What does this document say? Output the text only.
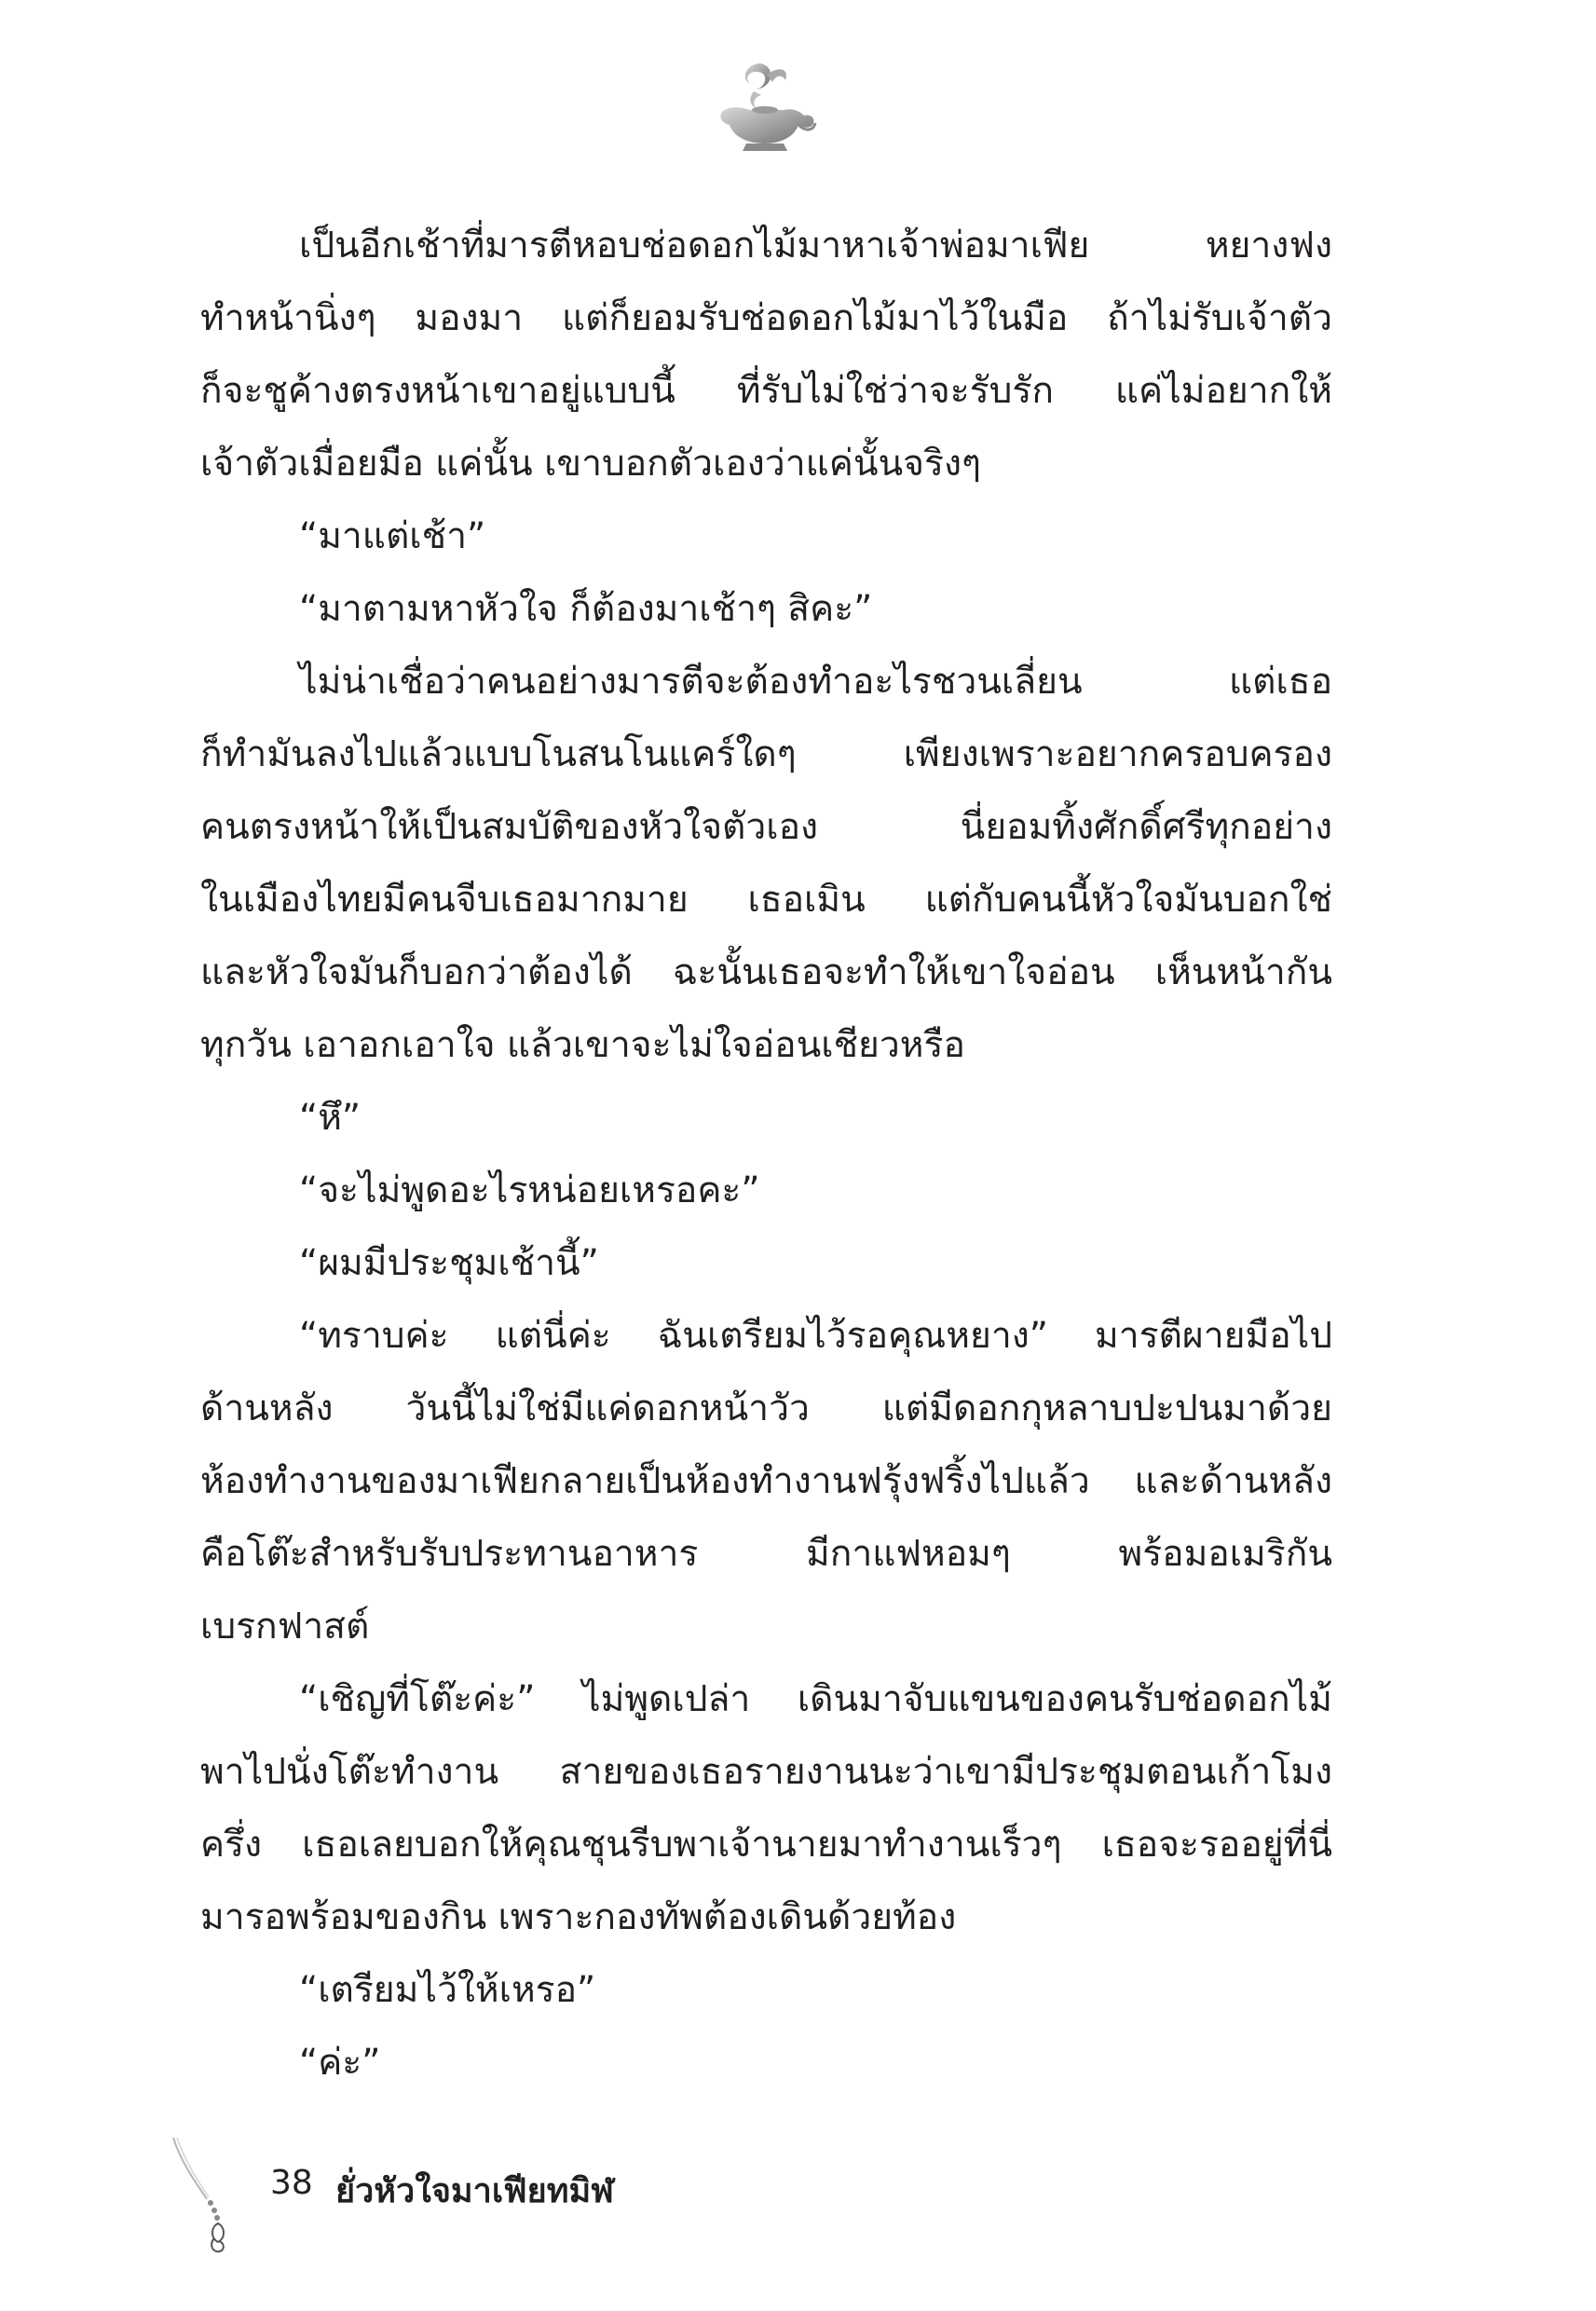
เป็นอีกเช้าที่มารตีหอบช่อดอกไม้มาหาเจ้าพ่อมาเฟีย หยางฟง

ทำหน้านิ่งๆ มองมา แต่ก็ยอมรับช่อดอกไม้มาไว้ในมือ ถ้าไม่รับเจ้าตัว

ก็จะชูค้างตรงหน้าเขาอยู่แบบนี้ ที่รับไม่ใช่ว่าจะรับรัก แค่ไม่อยากให้

เจ้าตัวเมื่อยมือ แค่นั้น เขาบอกตัวเองว่าแค่นั้นจริงๆ

“มาแต่เช้า”

“มาตามหาหัวใจ ก็ต้องมาเช้าๆ สิคะ”

ไม่น่าเชื่อว่าคนอย่างมารตีจะต้องทำอะไรชวนเลี่ยน แต่เธอ

ก็ทำมันลงไปแล้วแบบโนสนโนแคร์ใดๆ เพียงเพราะอยากครอบครอง

คนตรงหน้าให้เป็นสมบัติของหัวใจตัวเอง นี่ยอมทิ้งศักดิ์ศรีทุกอย่าง

ในเมืองไทยมีคนจีบเธอมากมาย เธอเมิน แต่กับคนนี้หัวใจมันบอกใช่

และหัวใจมันก็บอกว่าต้องได้ ฉะนั้นเธอจะทำให้เขาใจอ่อน เห็นหน้ากัน

ทุกวัน เอาอกเอาใจ แล้วเขาจะไม่ใจอ่อนเชียวหรือ

“หึ”

“จะไม่พูดอะไรหน่อยเหรอคะ”

“ผมมีประชุมเช้านี้”

“ทราบค่ะ แต่นี่ค่ะ ฉันเตรียมไว้รอคุณหยาง” มารตีผายมือไป

ด้านหลัง วันนี้ไม่ใช่มีแค่ดอกหน้าวัว แต่มีดอกกุหลาบปะปนมาด้วย

ห้องทำงานของมาเฟียกลายเป็นห้องทำงานฟรุ้งฟริ้งไปแล้ว และด้านหลัง

คือโต๊ะสำหรับรับประทานอาหาร มีกาแฟหอมๆ พร้อมอเมริกัน

เบรกฟาสต์

“เชิญที่โต๊ะค่ะ” ไม่พูดเปล่า เดินมาจับแขนของคนรับช่อดอกไม้

พาไปนั่งโต๊ะทำงาน สายของเธอรายงานนะว่าเขามีประชุมตอนเก้าโมง

ครึ่ง เธอเลยบอกให้คุณชุนรีบพาเจ้านายมาทำงานเร็วๆ เธอจะรออยู่ที่นี่

มารอพร้อมของกิน เพราะกองทัพต้องเดินด้วยท้อง

“เตรียมไว้ให้เหรอ”

“ค่ะ”

38 ยั่วหัวใจมาเฟียทมิฬ
